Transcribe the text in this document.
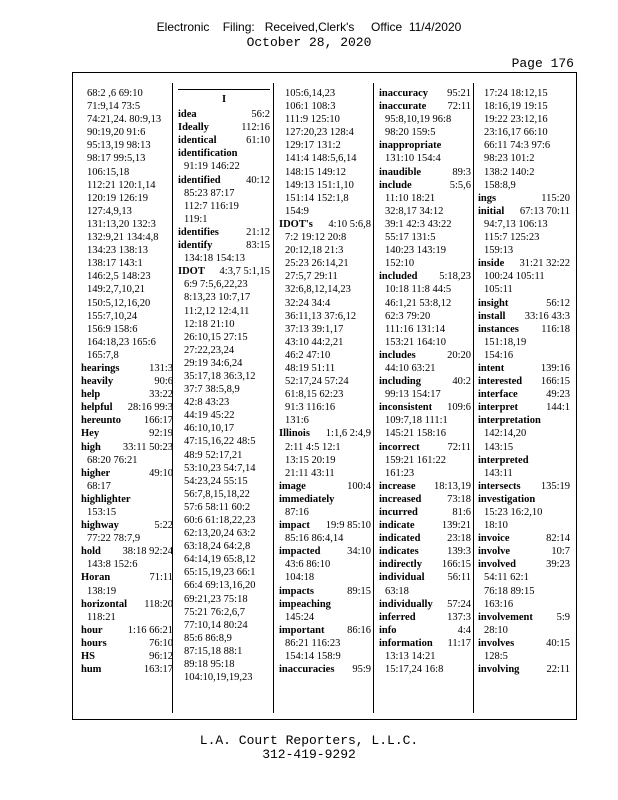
Electronic    Filing:   Received,Clerk's     Office  11/4/2020
October 28, 2020
Page 176
68:2 ,6 69:10
71:9,14 73:5
74:21,24. 80:9,13
90:19,20 91:6
95:13,19 98:13
98:17 99:5,13
106:15,18
112:21 120:1,14
120:19 126:19
127:4,9,13
131:13,20 132:3
132:9,21 134:4,8
134:23 138:13
138:17 143:1
146:2,5 148:23
149:2,7,10,21
150:5,12,16,20
155:7,10,24
156:9 158:6
164:18,23 165:6
165:7,8
hearings	131:3
heavily	90:6
help	33:22
helpful 28:16 99:3
hereunto 166:17
Hey	92:19
high 33:11 50:23
68:20 76:21
higher	49:10
68:17
highlighter
153:15
highway	5:22
77:22 78:7,9
hold 38:18 92:24
143:8 152:6
Horan	71:11
138:19
horizontal 118:20
118:21
hour 1:16 66:21
hours	76:10
HS	96:12
hum	163:17
I
idea	56:2
Ideally	112:16
identical	61:10
identification
91:19 146:22
identified 40:12
85:23 87:17
112:7 116:19
119:1
identifies	21:12
identify	83:15
134:18 154:13
IDOT 4:3,7 5:1,15
6:9 7:5,6,22,23
8:13,23 10:7,17
11:2,12 12:4,11
12:18 21:10
26:10,15 27:15
27:22,23,24
29:19 34:6,24
35:17,18 36:3,12
37:7 38:5,8,9
42:8 43:23
44:19 45:22
46:10,10,17
47:15,16,22 48:5
48:9 52:17,21
53:10,23 54:7,14
54:23,24 55:15
56:7,8,15,18,22
57:6 58:11 60:2
60:6 61:18,22,23
62:13,20,24 63:2
63:18,24 64:2,8
64:14,19 65:8,12
65:15,19,23 66:1
66:4 69:13,16,20
69:21,23 75:18
75:21 76:2,6,7
77:10,14 80:24
85:6 86:8,9
87:15,18 88:1
89:18 95:18
104:10,19,19,23
105:6,14,23
106:1 108:3
111:9 125:10
127:20,23 128:4
129:17 131:2
141:4 148:5,6,14
148:15 149:12
149:13 151:1,10
151:14 152:1,8
154:9
IDOT's 4:10 5:6,8
7:2 19:12 20:8
20:12,18 21:3
25:23 26:14,21
27:5,7 29:11
32:6,8,12,14,23
32:24 34:4
36:11,13 37:6,12
37:13 39:1,17
43:10 44:2,21
46:2 47:10
48:19 51:11
52:17,24 57:24
61:8,15 62:23
91:3 116:16
131:6
Illinois 1:1,6 2:4,9
2:11 4:5 12:1
13:15 20:19
21:11 43:11
image	100:4
immediately
87:16
impact 19:9 85:10
85:16 86:4,14
impacted	34:10
43:6 86:10
104:18
impacts	89:15
impeaching
145:24
important 86:16
86:21 116:23
154:14 158:9
inaccuracies 95:9
inaccuracy 95:21
inaccurate 72:11
95:8,10,19 96:8
98:20 159:5
inappropriate
131:10 154:4
inaudible	89:3
include	5:5,6
11:10 18:21
32:8,17 34:12
39:1 42:3 43:22
55:17 131:5
140:23 143:19
152:10
included 5:18,23
10:18 11:8 44:5
46:1,21 53:8,12
62:3 79:20
111:16 131:14
153:21 164:10
includes	20:20
44:10 63:21
including	40:2
99:13 154:17
inconsistent 109:6
109:7,18 111:1
145:21 158:16
incorrect	72:11
159:21 161:22
161:23
increase 18:13,19
increased 73:18
incurred	81:6
indicate	139:21
indicated	23:18
indicates	139:3
indirectly 166:15
individual 56:11
63:18
individually 57:24
inferred	137:3
info	4:4
information 11:17
13:13 14:21
15:17,24 16:8
17:24 18:12,15
18:16,19 19:15
19:22 23:12,16
23:16,17 66:10
66:11 74:3 97:6
98:23 101:2
138:2 140:2
158:8,9
ings	115:20
initial 67:13 70:11
94:7,13 106:13
115:7 125:23
159:13
inside 31:21 32:22
100:24 105:11
105:11
insight	56:12
install 33:16 43:3
instances 116:18
151:18,19
154:16
intent	139:16
interested 166:15
interface	49:23
interpret	144:1
interpretation
142:14,20
143:15
interpreted
143:11
intersects 135:19
investigation
15:23 16:2,10
18:10
invoice	82:14
involve	10:7
involved	39:23
54:11 62:1
76:18 89:15
163:16
involvement 5:9
28:10
involves	40:15
128:5
involving	22:11
L.A. Court Reporters, L.L.C.
312-419-9292
